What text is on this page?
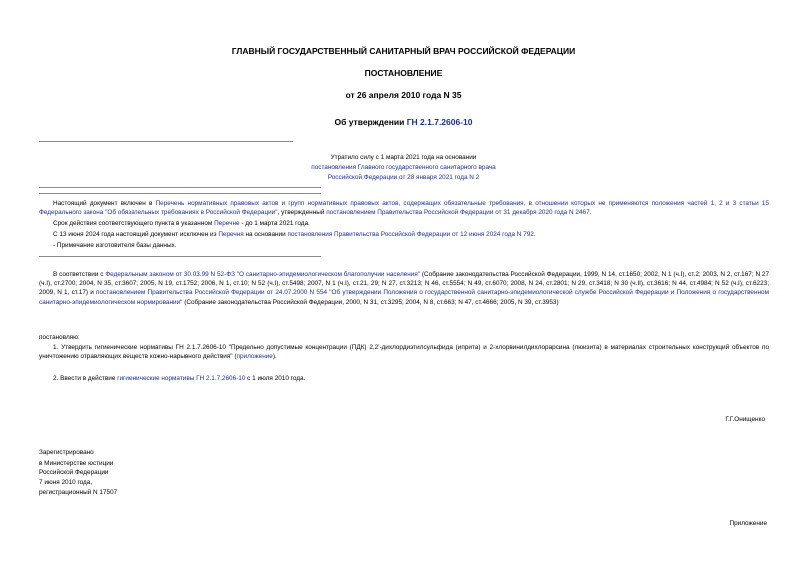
ГЛАВНЫЙ ГОСУДАРСТВЕННЫЙ САНИТАРНЫЙ ВРАЧ РОССИЙСКОЙ ФЕДЕРАЦИИ
ПОСТАНОВЛЕНИЕ
от 26 апреля 2010 года N 35
Об утверждении ГН 2.1.7.2606-10
Утратило силу с 1 марта 2021 года на основании
постановления Главного государственного санитарного врача
Российской Федерации от 28 января 2021 года N 2
Настоящий документ включен в Перечень нормативных правовых актов и групп нормативных правовых актов, содержащих обязательные требования, в отношении которых не применяются положения частей 1, 2 и 3 статьи 15 Федерального закона "Об обязательных требованиях в Российской Федерации", утвержденный постановлением Правительства Российской Федерации от 31 декабря 2020 года N 2467.
Срок действия соответствующего пункта в указанном Перечне - до 1 марта 2021 года.
С 13 июня 2024 года настоящий документ исключен из Перечня на основании постановления Правительства Российской Федерации от 12 июня 2024 года N 792.
- Примечание изготовителя базы данных.
В соответствии с Федеральным законом от 30.03.99 N 52-ФЗ "О санитарно-эпидемиологическом благополучии населения" (Собрание законодательства Российской Федерации, 1999, N 14, ст.1650; 2002, N 1 (ч.I), ст.2; 2003, N 2, ст.167; N 27 (ч.I), ст.2700; 2004, N 35, ст.3607; 2005, N 19, ст.1752; 2006, N 1, ст.10; N 52 (ч.I), ст.5498; 2007, N 1 (ч.I), ст.21, 29; N 27, ст.3213; N 46, ст.5554; N 49, ст.6070; 2008, N 24, ст.2801; N 29, ст.3418; N 30 (ч.II), ст.3616; N 44, ст.4984; N 52 (ч.I), ст.6223; 2009, N 1, ст.17) и постановлением Правительства Российской Федерации от 24.07.2000 N 554 "Об утверждении Положения о государственной санитарно-эпидемиологической службе Российской Федерации и Положения о государственном санитарно-эпидемиологическом нормировании" (Собрание законодательства Российской Федерации, 2000, N 31, ст.3295; 2004, N 8, ст.663; N 47, ст.4666; 2005, N 39, ст.3953)
постановляю:
1. Утвердить гигиенические нормативы ГН 2.1.7.2606-10 "Предельно допустимые концентрации (ПДК) 2,2'-дихлордиэтилсульфида (иприта) и 2-хлорвинилдихлорарсина (люизита) в материалах строительных конструкций объектов по уничтожению отравляющих веществ кожно-нарывного действия" (приложение).
2. Ввести в действие гигиенические нормативы ГН 2.1.7.2606-10 с 1 июля 2010 года.
Г.Г.Онищенко
Зарегистрировано
в Министерстве юстиции
Российской Федерации
7 июня 2010 года,
регистрационный N 17507
Приложение
